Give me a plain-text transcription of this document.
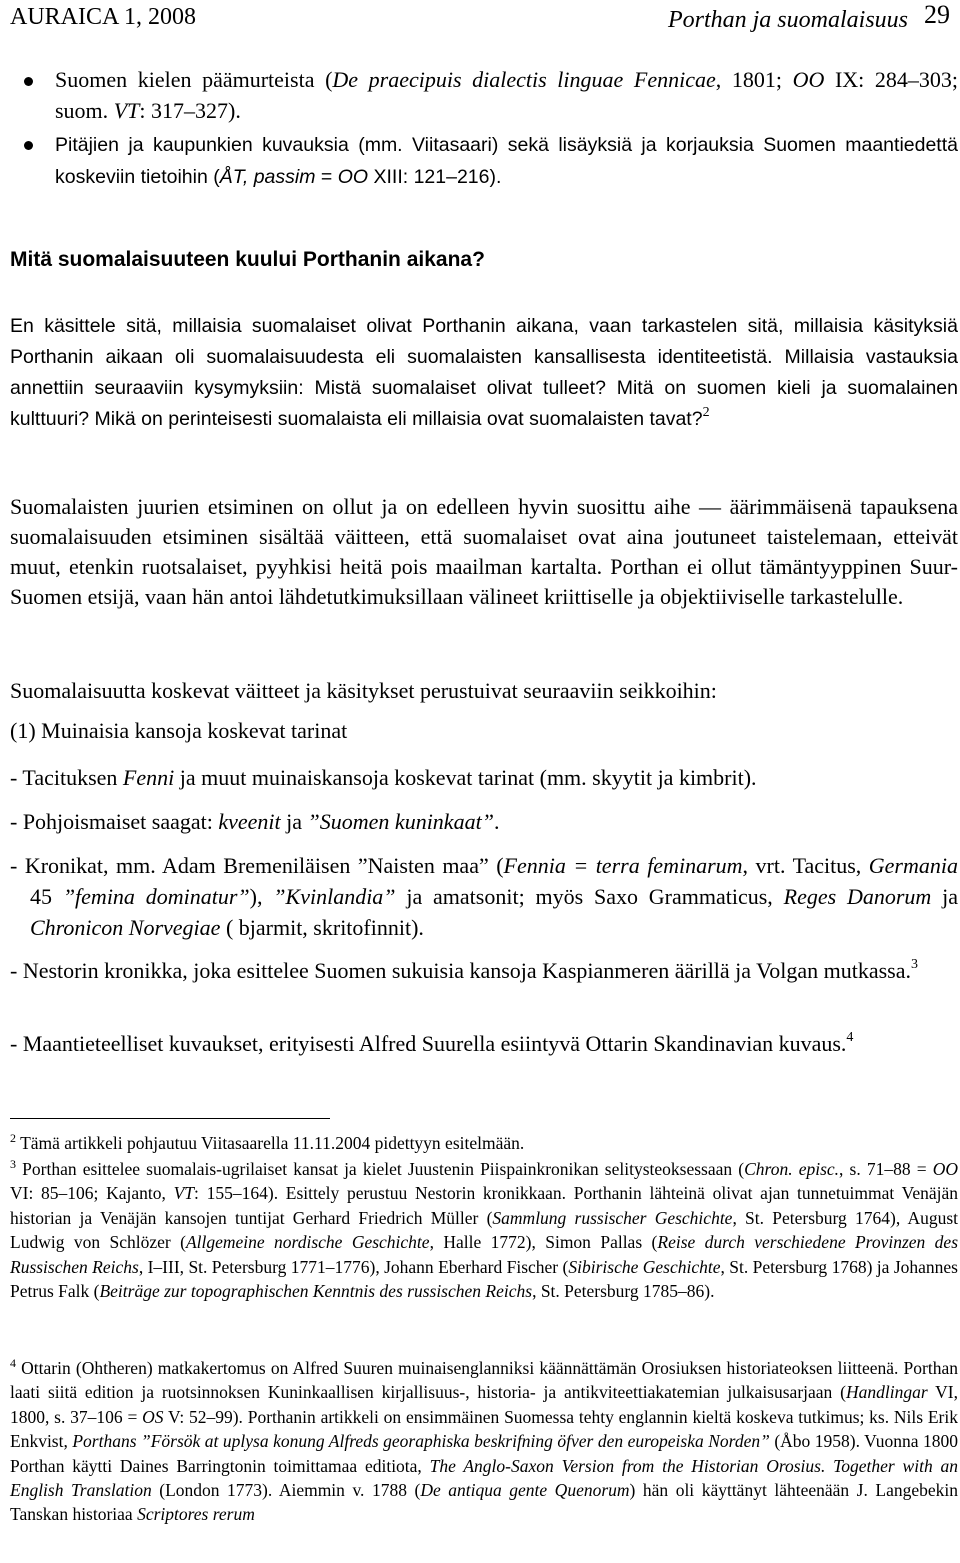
AURAICA 1, 2008	Porthan ja suomalaisuus 29
Suomen kielen päämurteista (De praecipuis dialectis linguae Fennicae, 1801; OO IX: 284–303; suom. VT: 317–327).
Pitäjien ja kaupunkien kuvauksia (mm. Viitasaari) sekä lisäyksiä ja korjauksia Suomen maantiedettä koskeviin tietoihin (ÅT, passim = OO XIII: 121–216).
Mitä suomalaisuuteen kuului Porthanin aikana?
En käsittele sitä, millaisia suomalaiset olivat Porthanin aikana, vaan tarkastelen sitä, millaisia käsityksiä Porthanin aikaan oli suomalaisuudesta eli suomalaisten kansallisesta identiteetistä. Millaisia vastauksia annettiin seuraaviin kysymyksiin: Mistä suomalaiset olivat tulleet? Mitä on suomen kieli ja suomalainen kulttuuri? Mikä on perinteisesti suomalaista eli millaisia ovat suomalaisten tavat?$^2$
Suomalaisten juurien etsiminen on ollut ja on edelleen hyvin suosittu aihe — äärimmäisenä tapauksena suomalaisuuden etsiminen sisältää väitteen, että suomalaiset ovat aina joutuneet taistelemaan, etteivät muut, etenkin ruotsalaiset, pyyhkisi heitä pois maailman kartalta. Porthan ei ollut tämäntyyppinen Suur-Suomen etsijä, vaan hän antoi lähdetutkimuksillaan välineet kriittiselle ja objektiiviselle tarkastelulle.
Suomalaisuutta koskevat väitteet ja käsitykset perustuivat seuraaviin seikkoihin:
(1) Muinaisia kansoja koskevat tarinat
- Tacituksen Fenni ja muut muinaiskansoja koskevat tarinat (mm. skyytit ja kimbrit).
- Pohjoismaiset saagat: kveenit ja ”Suomen kuninkaat”.
- Kronikat, mm. Adam Bremeniläisen ”Naisten maa” (Fennia = terra feminarum, vrt. Tacitus, Germania 45 ”femina dominatur”), ”Kvinlandia” ja amatsonit; myös Saxo Grammaticus, Reges Danorum ja Chronicon Norvegiae ( bjarmit, skritofinnit).
- Nestorin kronikka, joka esittelee Suomen sukuisia kansoja Kaspianmeren äärillä ja Volgan mutkassa.$^3$
- Maantieteelliset kuvaukset, erityisesti Alfred Suurella esiintyvä Ottarin Skandinavian kuvaus.$^4$
$^2$ Tämä artikkeli pohjautuu Viitasaarella 11.11.2004 pidettyyn esitelmään.
$^3$ Porthan esittelee suomalais-ugrilaiset kansat ja kielet Juustenin Piispainkronikan selitysteoksessaan (Chron. episc., s. 71–88 = OO VI: 85–106; Kajanto, VT: 155–164). Esittely perustuu Nestorin kronikkaan. Porthanin lähteinä olivat ajan tunnetuimmat Venäjän historian ja Venäjän kansojen tuntijat Gerhard Friedrich Müller (Sammlung russischer Geschichte, St. Petersburg 1764), August Ludwig von Schlözer (Allgemeine nordische Geschichte, Halle 1772), Simon Pallas (Reise durch verschiedene Provinzen des Russischen Reichs, I–III, St. Petersburg 1771–1776), Johann Eberhard Fischer (Sibirische Geschichte, St. Petersburg 1768) ja Johannes Petrus Falk (Beiträge zur topographischen Kenntnis des russischen Reichs, St. Petersburg 1785–86).
$^4$ Ottarin (Ohtheren) matkakertomus on Alfred Suuren muinaisenglanniksi käännättämän Orosiuksen historiateoksen liitteenä. Porthan laati siitä edition ja ruotsinnoksen Kuninkaallisen kirjallisuus-, historia- ja antikviteettiakatemian julkaisusarjaan (Handlingar VI, 1800, s. 37–106 = OS V: 52–99). Porthanin artikkeli on ensimmäinen Suomessa tehty englannin kieltä koskeva tutkimus; ks. Nils Erik Enkvist, Porthans ”Försök at uplysa konung Alfreds georaphiska beskrifning öfver den europeiska Norden” (Åbo 1958). Vuonna 1800 Porthan käytti Daines Barringtonin toimittamaa editiota, The Anglo-Saxon Version from the Historian Orosius. Together with an English Translation (London 1773). Aiemmin v. 1788 (De antiqua gente Quenorum) hän oli käyttänyt lähteenään J. Langebekin Tanskan historiaa Scriptores rerum
